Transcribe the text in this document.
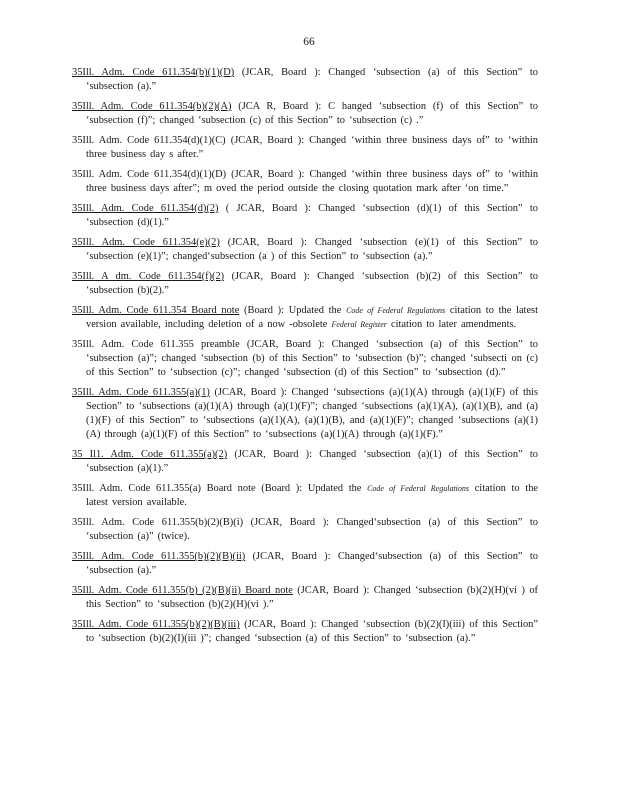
66

35Ill. Adm. Code 611.354(b)(1)(D) (JCAR, Board ): Changed ‘subsection (a) of this Section” to ‘subsection (a).”

35Ill. Adm. Code 611.354(b)(2)(A) (JCA R, Board ): C hanged ‘subsection (f) of this Section” to ‘subsection (f)”; changed ‘subsection (c) of this Section” to ‘subsection (c) .”

35Ill. Adm. Code 611.354(d)(1)(C) (JCAR, Board ): Changed ‘within three business days of” to ‘within three business day s after.”

35Ill. Adm. Code 611.354(d)(1)(D) (JCAR, Board ): Changed ‘within three business days of” to ‘within three business days after”; m oved the period outside the closing quotation mark after ‘on time.”

35Ill. Adm. Code 611.354(d)(2) ( JCAR, Board ): Changed ‘subsection (d)(1) of this Section” to ‘subsection (d)(1).”

35Ill. Adm. Code 611.354(e)(2) (JCAR, Board ): Changed ‘subsection (e)(1) of this Section” to ‘subsection (e)(1)”; changed‘subsection (a ) of this Section” to ‘subsection (a).”

35Ill. A dm. Code 611.354(f)(2) (JCAR, Board ): Changed ‘subsection (b)(2) of this Section” to ‘subsection (b)(2).”

35Ill. Adm. Code 611.354 Board note (Board ): Updated the Code of Federal Regulations citation to the latest version available, including deletion of a now -obsolete Federal Register citation to later amendments.

35Ill. Adm. Code 611.355 preamble (JCAR, Board ): Changed ‘subsection (a) of this Section” to ‘subsection (a)”; changed ‘subsection (b) of this Section” to ‘subsection (b)”; changed ‘subsecti on (c) of this Section” to ‘subsection (c)”; changed ‘subsection (d) of this Section” to ‘subsection (d).”

35Ill. Adm. Code 611.355(a)(1) (JCAR, Board ): Changed ‘subsections (a)(1)(A) through (a)(1)(F) of this Section” to ‘subsections (a)(1)(A) through (a)(1)(F)”; changed ‘subsections (a)(1)(A), (a)(1)(B), and (a)(1)(F) of this Section” to ‘subsections (a)(1)(A), (a)(1)(B), and (a)(1)(F)”; changed ‘subsections (a)(1)(A) through (a)(1)(F) of this Section” to ‘subsections (a)(1)(A) through (a)(1)(F).”

35 Il1. Adm. Code 611.355(a)(2) (JCAR, Board ): Changed ‘subsection (a)(1) of this Section” to ‘subsection (a)(1).”

35Ill. Adm. Code 611.355(a) Board note (Board ): Updated the Code of Federal Regulations citation to the latest version available.

35Ill. Adm. Code 611.355(b)(2)(B)(i) (JCAR, Board ): Changed‘subsection (a) of this Section” to ‘subsection (a)” (twice).

35Ill. Adm. Code 611.355(b)(2)(B)(ii) (JCAR, Board ): Changed‘subsection (a) of this Section” to ‘subsection (a).”

35Ill. Adm. Code 611.355(b) (2)(B)(ii) Board note (JCAR, Board ): Changed ‘subsection (b)(2)(H)(vi ) of this Section” to ‘subsection (b)(2)(H)(vi ).”

35Ill. Adm. Code 611.355(b)(2)(B)(iii) (JCAR, Board ): Changed ‘subsection (b)(2)(I)(iii) of this Section” to ‘subsection (b)(2)(I)(iii )”; changed ‘subsection (a) of this Section” to ‘subsection (a).”
